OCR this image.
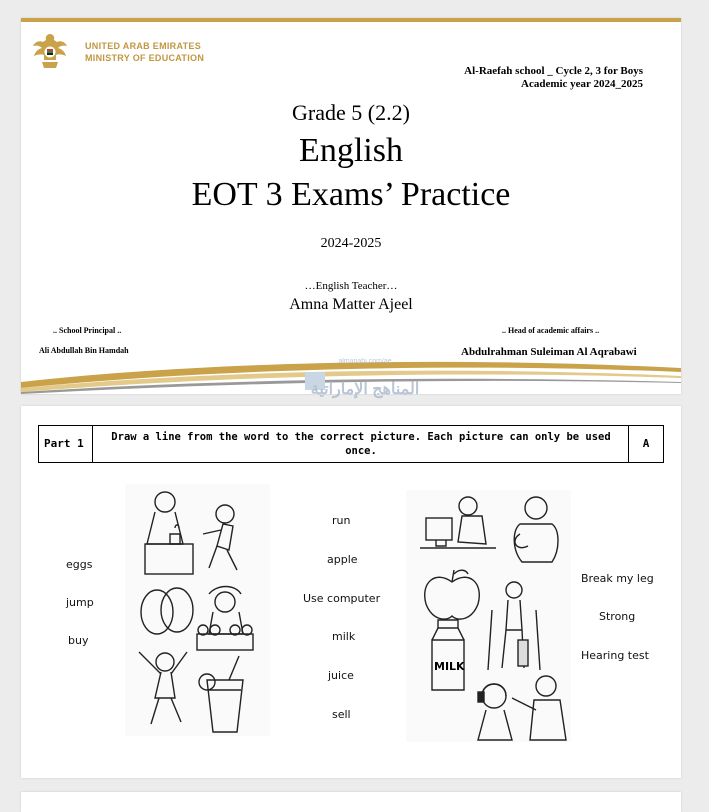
UNITED ARAB EMIRATES
MINISTRY OF EDUCATION
Al-Raefah school _ Cycle 2, 3 for Boys
Academic year 2024_2025
Grade 5 (2.2)
English
EOT 3 Exams’ Practice
2024-2025
…English Teacher…
Amna Matter Ajeel
.. School Principal ..
Ali Abdullah Bin Hamdah
.. Head of academic affairs ..
Abdulrahman Suleiman Al Aqrabawi
almanahj.com/ae
المناهج الإماراتية
Part 1	Draw a line from the word to the correct picture. Each picture can only be used once.
A
eggs
jump
buy
run
apple
Use computer
milk
juice
sell
MILK
Break my leg
Strong
Hearing test
